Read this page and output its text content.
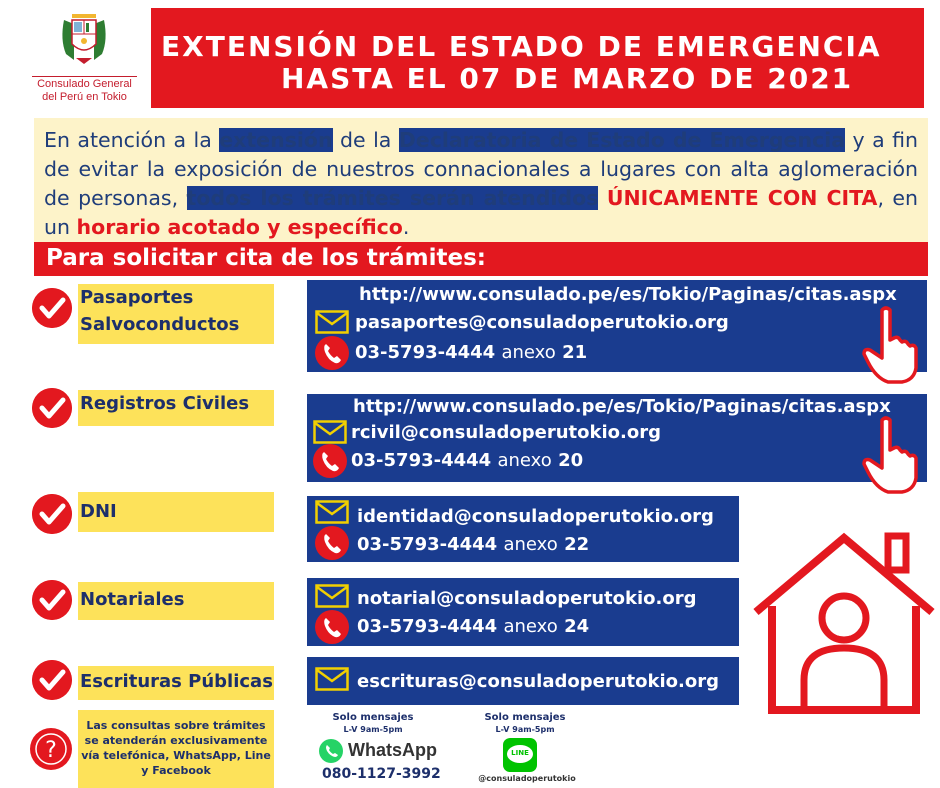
Consulado General
del Perú en Tokio
EXTENSIÓN DEL ESTADO DE EMERGENCIA
HASTA EL 07 DE MARZO DE 2021

En atención a la extensión de la Declaratoria de Estado de Emergencia y a fin de evitar la exposición de nuestros connacionales a lugares con alta aglomeración de personas, todos los trámites serán atendidos ÚNICAMENTE CON CITA, en un horario acotado y específico.

Para solicitar cita de los trámites:
Pasaportes
Salvoconductos
http://www.consulado.pe/es/Tokio/Paginas/citas.aspx
pasaportes@consuladoperutokio.org
03-5793-4444 anexo 21
Registros Civiles	http://www.consulado.pe/es/Tokio/Paginas/citas.aspx
rcivil@consuladoperutokio.org
03-5793-4444 anexo 20
DNI	identidad@consuladoperutokio.org
03-5793-4444 anexo 22
Notariales	notarial@consuladoperutokio.org
03-5793-4444 anexo 24
Escrituras Públicas	escrituras@consuladoperutokio.org
?
Las consultas sobre trámites se atenderán exclusivamente vía telefónica, WhatsApp, Line y Facebook
Solo mensajes
L-V 9am-5pm
WhatsApp
080-1127-3992
Solo mensajes
L-V 9am-5pm
LINE
@consuladoperutokio
